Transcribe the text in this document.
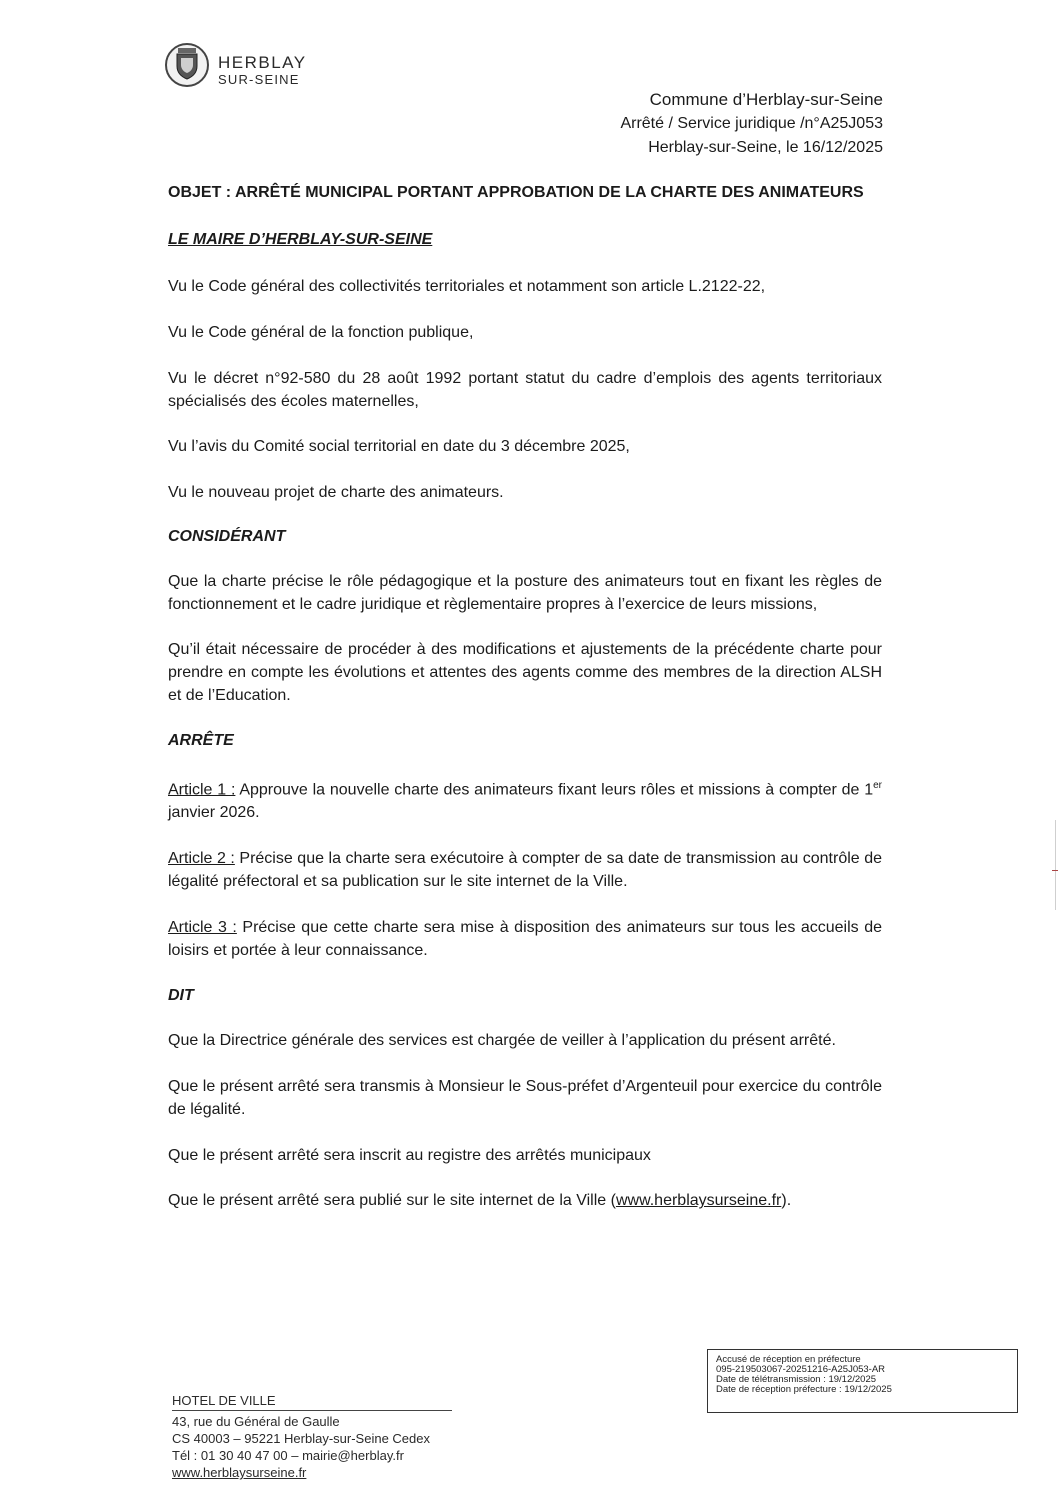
HERBLAY
SUR-SEINE
Commune d’Herblay-sur-Seine
Arrêté / Service juridique /n°A25J053
Herblay-sur-Seine, le 16/12/2025
OBJET : ARRÊTÉ MUNICIPAL PORTANT APPROBATION DE LA CHARTE DES ANIMATEURS

LE MAIRE D’HERBLAY-SUR-SEINE

Vu le Code général des collectivités territoriales et notamment son article L.2122-22,

Vu le Code général de la fonction publique,

Vu le décret n°92-580 du 28 août 1992 portant statut du cadre d’emplois des agents territoriaux spécialisés des écoles maternelles,

Vu l’avis du Comité social territorial en date du 3 décembre 2025,

Vu le nouveau projet de charte des animateurs.

CONSIDÉRANT

Que la charte précise le rôle pédagogique et la posture des animateurs tout en fixant les règles de fonctionnement et le cadre juridique et règlementaire propres à l’exercice de leurs missions,

Qu’il était nécessaire de procéder à des modifications et ajustements de la précédente charte pour prendre en compte les évolutions et attentes des agents comme des membres de la direction ALSH et de l’Education.

ARRÊTE

Article 1 : Approuve la nouvelle charte des animateurs fixant leurs rôles et missions à compter de 1er janvier 2026.

Article 2 : Précise que la charte sera exécutoire à compter de sa date de transmission au contrôle de légalité préfectoral et sa publication sur le site internet de la Ville.

Article 3 : Précise que cette charte sera mise à disposition des animateurs sur tous les accueils de loisirs et portée à leur connaissance.

DIT

Que la Directrice générale des services est chargée de veiller à l’application du présent arrêté.

Que le présent arrêté sera transmis à Monsieur le Sous-préfet d’Argenteuil pour exercice du contrôle de légalité.

Que le présent arrêté sera inscrit au registre des arrêtés municipaux

Que le présent arrêté sera publié sur le site internet de la Ville (www.herblaysurseine.fr).

Accusé de réception en préfecture
095-219503067-20251216-A25J053-AR
Date de télétransmission : 19/12/2025
Date de réception préfecture : 19/12/2025
HOTEL DE VILLE
43, rue du Général de Gaulle
CS 40003 – 95221 Herblay-sur-Seine Cedex
Tél : 01 30 40 47 00 – mairie@herblay.fr
www.herblaysurseine.fr
